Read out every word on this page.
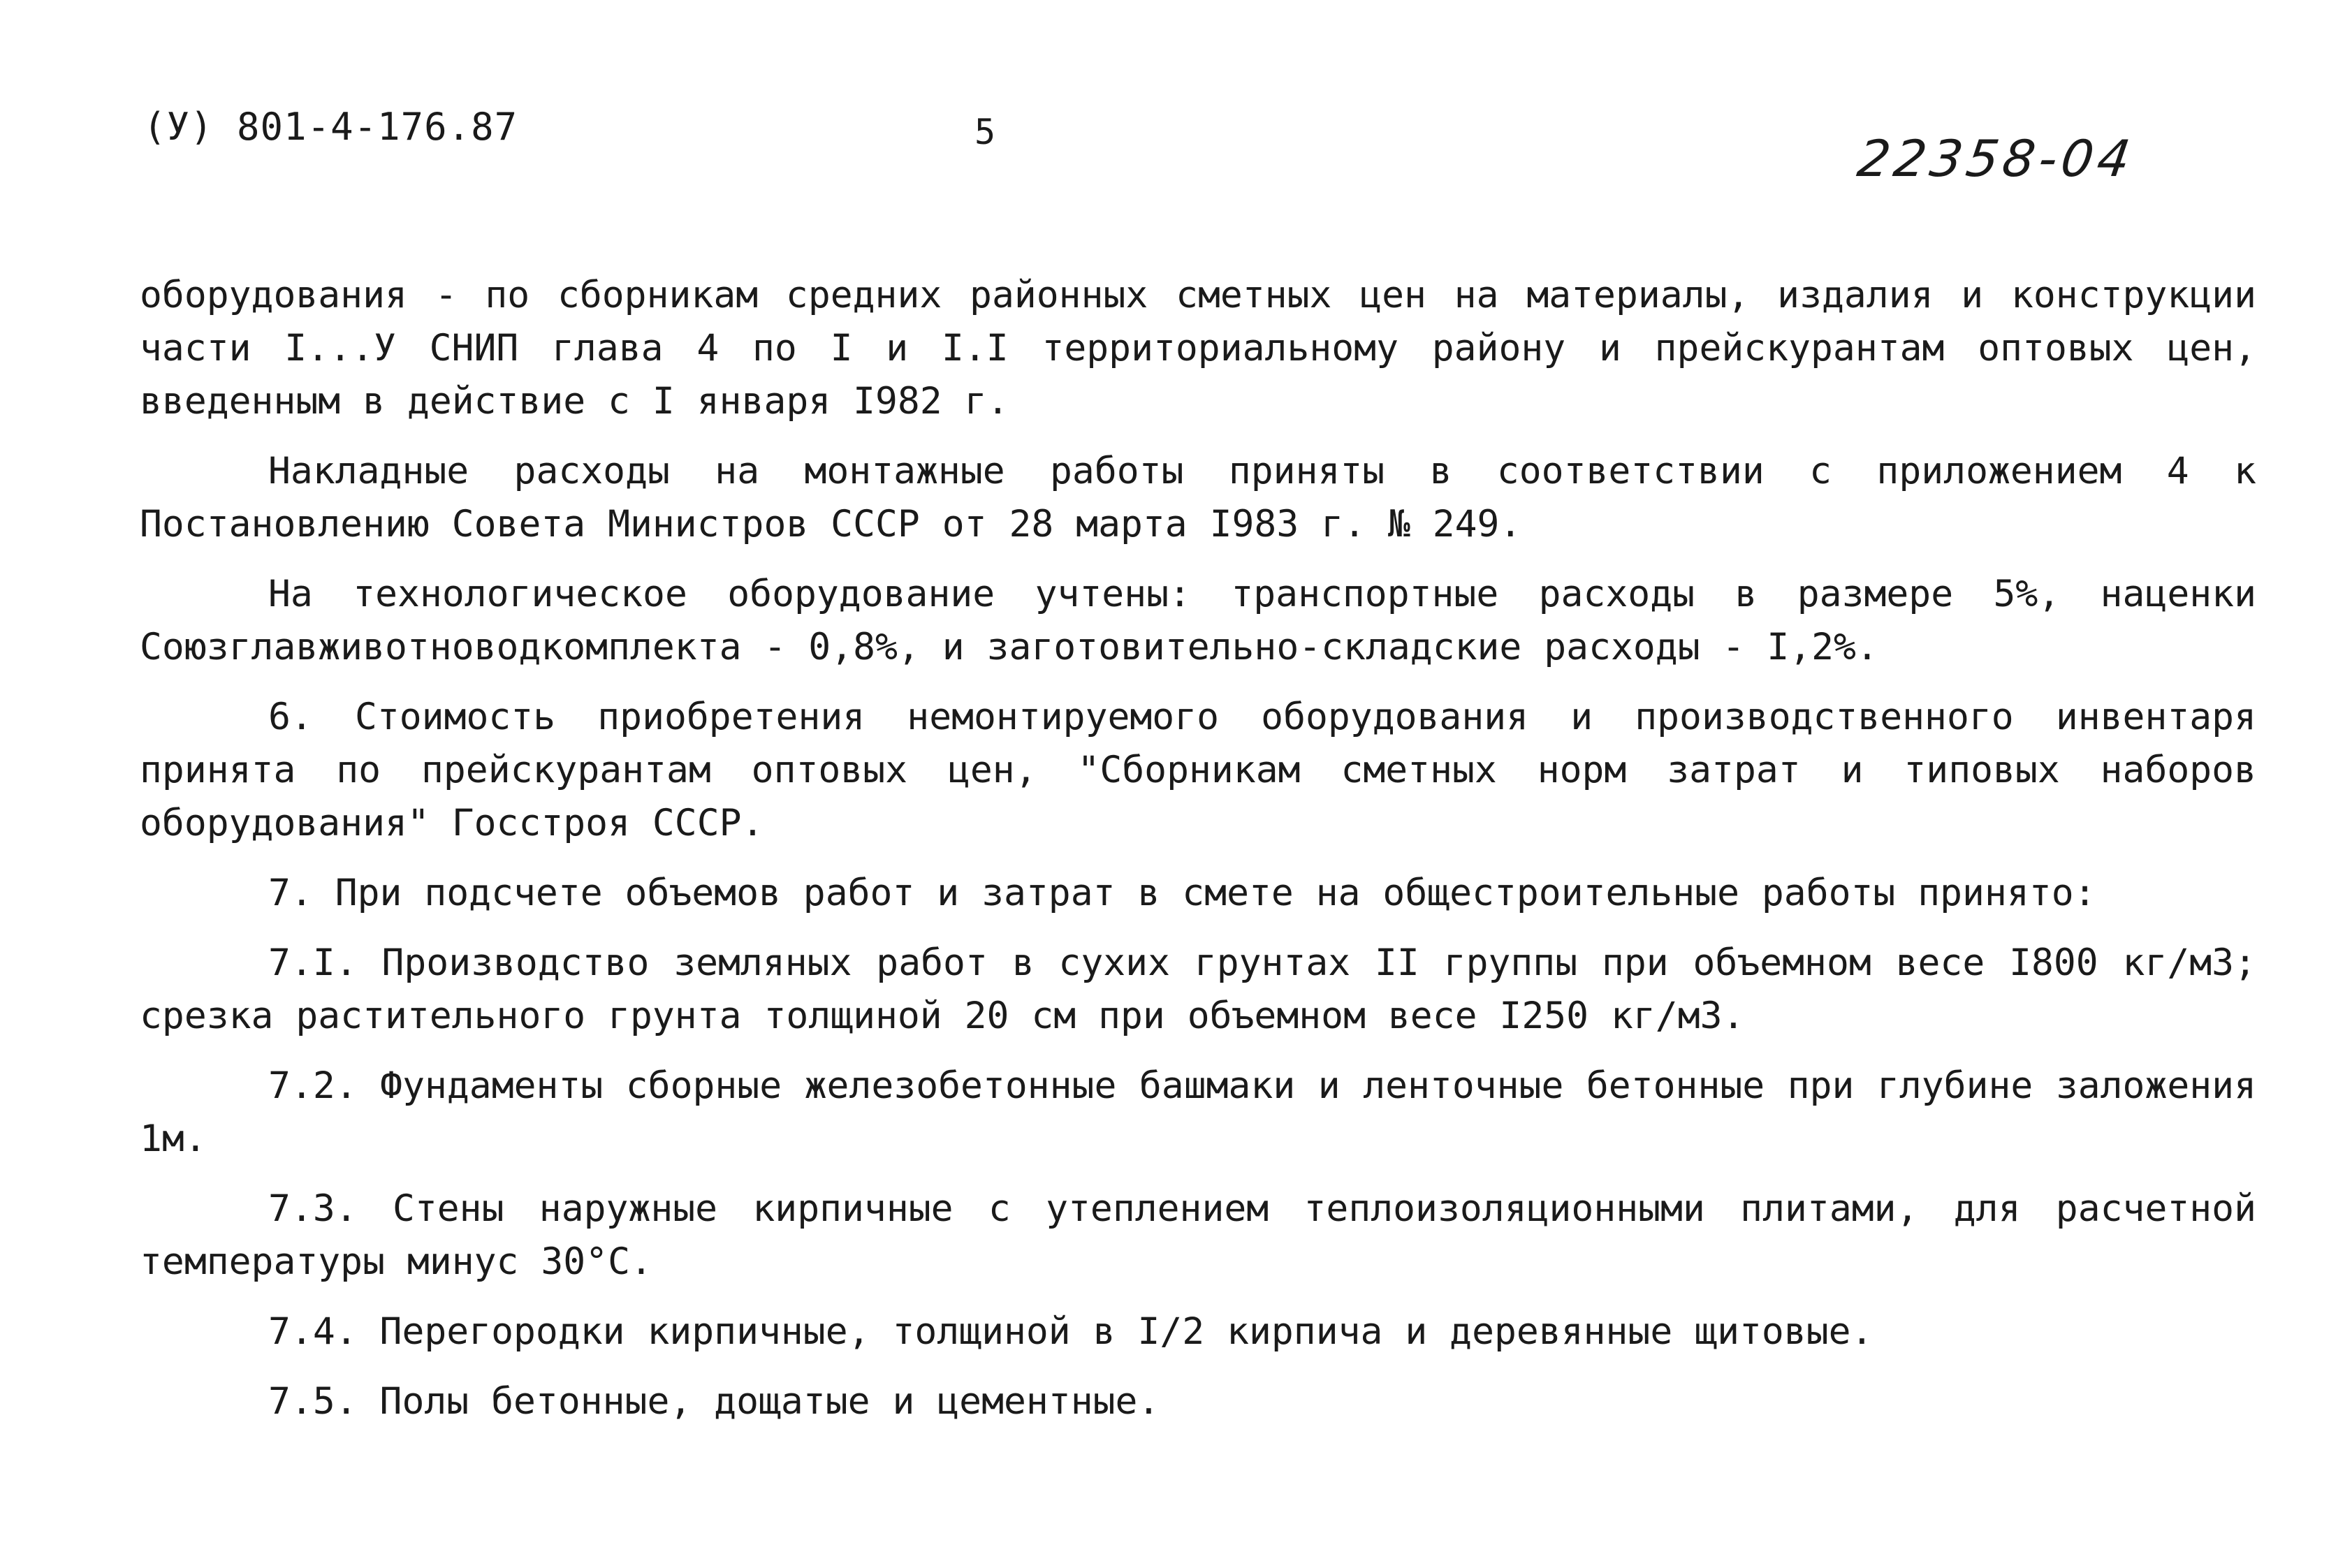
(У) 801-4-176.87	5	22358-04

оборудования - по сборникам средних районных сметных цен на материалы, издалия и конструкции части I...У СНИП глава 4 по I и I.I территориальному району и прейскурантам оптовых цен, введенным в действие с I января I982 г.

Накладные расходы на монтажные работы приняты в соответствии с приложением 4 к Постановлению Совета Министров СССР от 28 марта I983 г. № 249.

На технологическое оборудование учтены: транспортные расходы в размере 5%, наценки Союзглавживотноводкомплекта - 0,8%, и заготовительно-складские расходы - I,2%.

6. Стоимость приобретения немонтируемого оборудования и производственного инвентаря принята по прейскурантам оптовых цен, "Сборникам сметных норм затрат и типовых наборов оборудования" Госстроя СССР.

7. При подсчете объемов работ и затрат в смете на общестроительные работы принято:

7.I. Производство земляных работ в сухих грунтах II группы при объемном весе I800 кг/м3; срезка растительного грунта толщиной 20 см при объемном весе I250 кг/м3.

7.2. Фундаменты сборные железобетонные башмаки и ленточные бетонные при глубине заложения 1м.

7.3. Стены наружные кирпичные с утеплением теплоизоляционными плитами, для расчетной температуры минус 30°С.

7.4. Перегородки кирпичные, толщиной в I/2 кирпича и деревянные щитовые.

7.5. Полы бетонные, дощатые и цементные.
